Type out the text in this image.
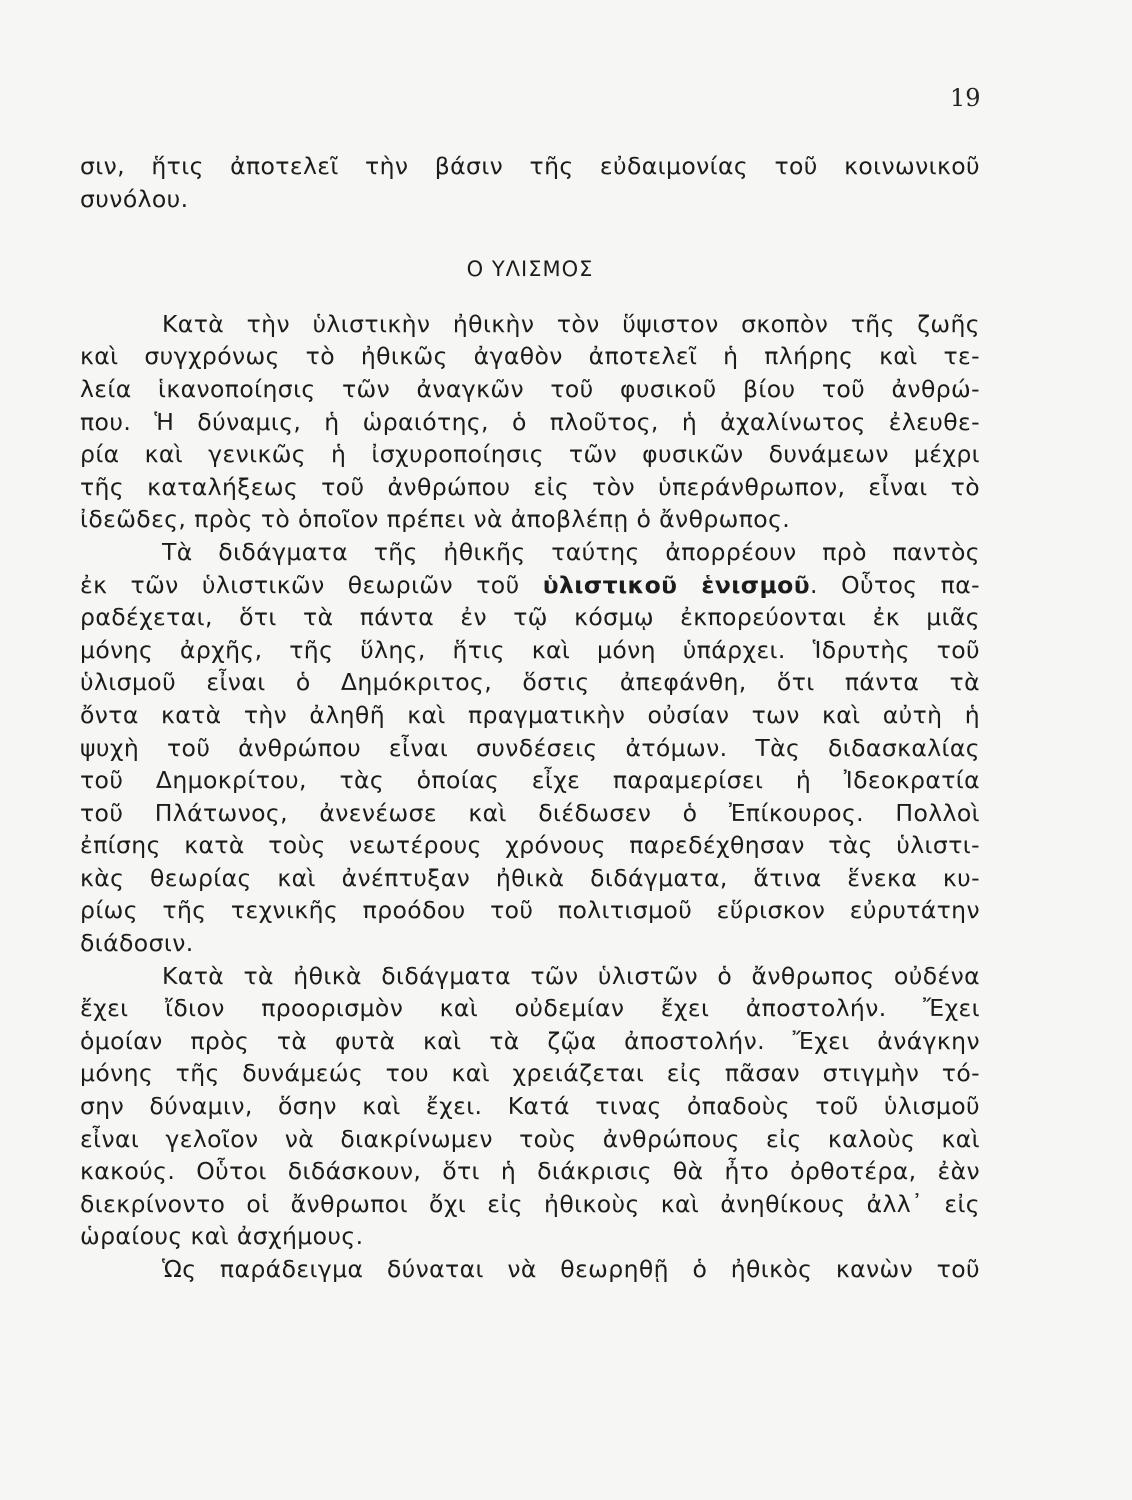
19

σιν, ἥτις ἀποτελεῖ τὴν βάσιν τῆς εὐδαιμονίας τοῦ κοινωνικοῦ

συνόλου.

Ο ΥΛΙΣΜΟΣ

Κατὰ τὴν ὑλιστικὴν ἠθικὴν τὸν ὕψιστον σκοπὸν τῆς ζωῆς

καὶ συγχρόνως τὸ ἠθικῶς ἀγαθὸν ἀποτελεῖ ἡ πλήρης καὶ τε-

λεία ἱκανοποίησις τῶν ἀναγκῶν τοῦ φυσικοῦ βίου τοῦ ἀνθρώ-

που. Ἡ δύναμις, ἡ ὡραιότης, ὁ πλοῦτος, ἡ ἀχαλίνωτος ἐλευθε-

ρία καὶ γενικῶς ἡ ἰσχυροποίησις τῶν φυσικῶν δυνάμεων μέχρι

τῆς καταλήξεως τοῦ ἀνθρώπου εἰς τὸν ὑπεράνθρωπον, εἶναι τὸ

ἰδεῶδες, πρὸς τὸ ὁποῖον πρέπει νὰ ἀποβλέπῃ ὁ ἄνθρωπος.

Τὰ διδάγματα τῆς ἠθικῆς ταύτης ἀπορρέουν πρὸ παντὸς

ἐκ τῶν ὑλιστικῶν θεωριῶν τοῦ ὑλιστικοῦ ἑνισμοῦ. Οὗτος πα-

ραδέχεται, ὅτι τὰ πάντα ἐν τῷ κόσμῳ ἐκπορεύονται ἐκ μιᾶς

μόνης ἀρχῆς, τῆς ὕλης, ἥτις καὶ μόνη ὑπάρχει. Ἱδρυτὴς τοῦ

ὑλισμοῦ εἶναι ὁ Δημόκριτος, ὅστις ἀπεφάνθη, ὅτι πάντα τὰ

ὄντα κατὰ τὴν ἀληθῆ καὶ πραγματικὴν οὐσίαν των καὶ αὐτὴ ἡ

ψυχὴ τοῦ ἀνθρώπου εἶναι συνδέσεις ἀτόμων. Τὰς διδασκαλίας

τοῦ Δημοκρίτου, τὰς ὁποίας εἶχε παραμερίσει ἡ Ἰδεοκρατία

τοῦ Πλάτωνος, ἀνενέωσε καὶ διέδωσεν ὁ Ἐπίκουρος. Πολλοὶ

ἐπίσης κατὰ τοὺς νεωτέρους χρόνους παρεδέχθησαν τὰς ὑλιστι-

κὰς θεωρίας καὶ ἀνέπτυξαν ἠθικὰ διδάγματα, ἅτινα ἕνεκα κυ-

ρίως τῆς τεχνικῆς προόδου τοῦ πολιτισμοῦ εὕρισκον εὐρυτάτην

διάδοσιν.

Κατὰ τὰ ἠθικὰ διδάγματα τῶν ὑλιστῶν ὁ ἄνθρωπος οὐδένα

ἔχει ἴδιον προορισμὸν καὶ οὐδεμίαν ἔχει ἀποστολήν. Ἔχει

ὁμοίαν πρὸς τὰ φυτὰ καὶ τὰ ζῷα ἀποστολήν. Ἔχει ἀνάγκην

μόνης τῆς δυνάμεώς του καὶ χρειάζεται εἰς πᾶσαν στιγμὴν τό-

σην δύναμιν, ὅσην καὶ ἔχει. Κατά τινας ὀπαδοὺς τοῦ ὑλισμοῦ

εἶναι γελοῖον νὰ διακρίνωμεν τοὺς ἀνθρώπους εἰς καλοὺς καὶ

κακούς. Οὗτοι διδάσκουν, ὅτι ἡ διάκρισις θὰ ἦτο ὀρθοτέρα, ἐὰν

διεκρίνοντο οἱ ἄνθρωποι ὄχι εἰς ἠθικοὺς καὶ ἀνηθίκους ἀλλ᾽ εἰς

ὡραίους καὶ ἀσχήμους.

Ὡς παράδειγμα δύναται νὰ θεωρηθῇ ὁ ἠθικὸς κανὼν τοῦ
